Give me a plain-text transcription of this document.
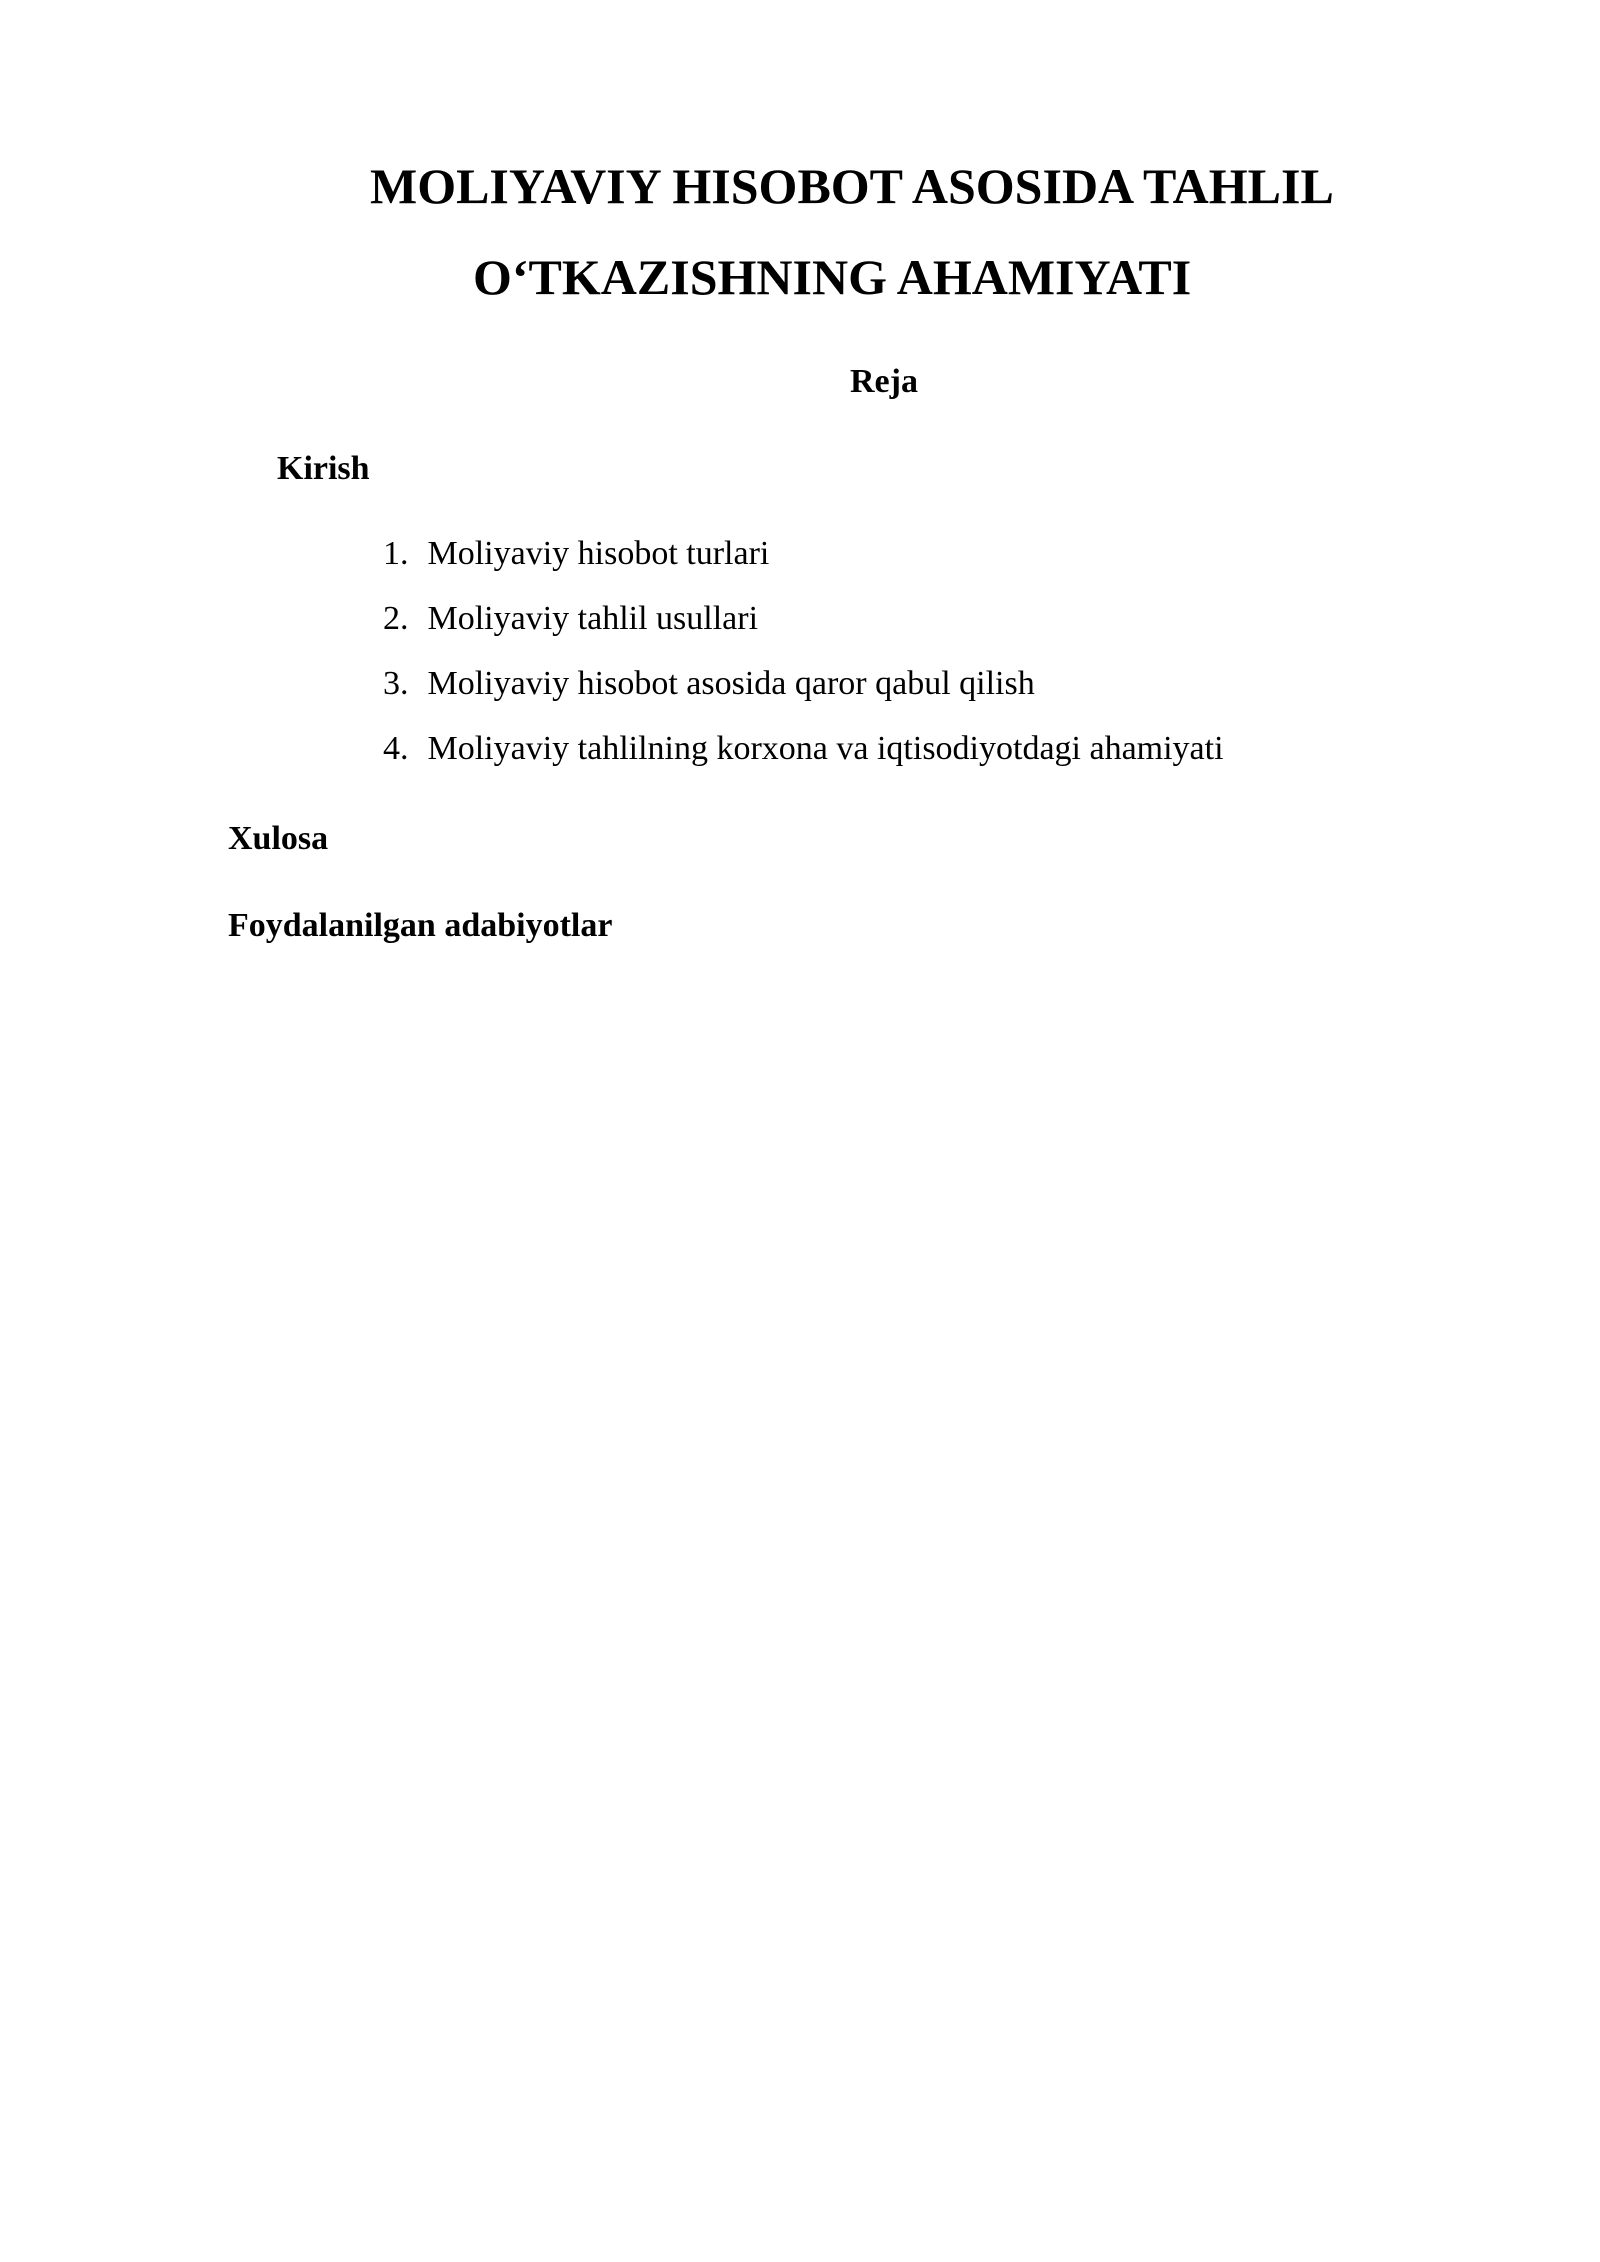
MOLIYAVIY HISOBOT ASOSIDA TAHLIL
O‘TKAZISHNING AHAMIYATI
Reja
Kirish
1. Moliyaviy hisobot turlari
2. Moliyaviy tahlil usullari
3. Moliyaviy hisobot asosida qaror qabul qilish
4. Moliyaviy tahlilning korxona va iqtisodiyotdagi ahamiyati
Xulosa
Foydalanilgan adabiyotlar
